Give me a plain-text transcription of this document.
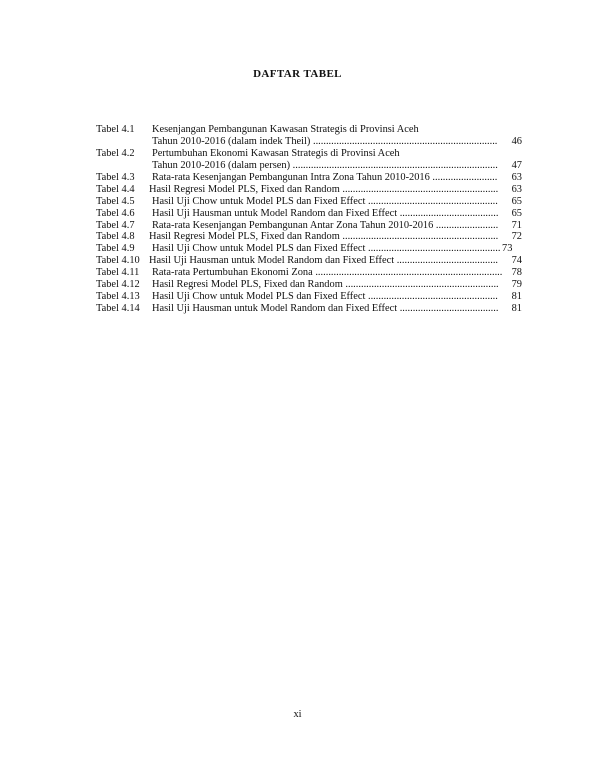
DAFTAR TABEL
Tabel 4.1 Kesenjangan Pembangunan Kawasan Strategis di Provinsi Aceh
Tahun 2010-2016 (dalam indek Theil) .....	46
Tabel 4.2 Pertumbuhan Ekonomi Kawasan Strategis di Provinsi Aceh
Tahun 2010-2016 (dalam persen) .....	47
Tabel 4.3 Rata-rata Kesenjangan Pembangunan Intra Zona Tahun 2010-2016 .....	63
Tabel 4.4 Hasil Regresi Model PLS, Fixed dan Random .....	63
Tabel 4.5 Hasil Uji Chow untuk Model PLS dan Fixed Effect .....	65
Tabel 4.6 Hasil Uji Hausman untuk Model Random dan Fixed Effect .....	65
Tabel 4.7 Rata-rata Kesenjangan Pembangunan Antar Zona Tahun 2010-2016 .....	71
Tabel 4.8 Hasil Regresi Model PLS, Fixed dan Random .....	72
Tabel 4.9 Hasil Uji Chow untuk Model PLS dan Fixed Effect .....	73
Tabel 4.10 Hasil Uji Hausman untuk Model Random dan Fixed Effect .....	74
Tabel 4.11 Rata-rata Pertumbuhan Ekonomi Zona .....	78
Tabel 4.12 Hasil Regresi Model PLS, Fixed dan Random .....	79
Tabel 4.13 Hasil Uji Chow untuk Model PLS dan Fixed Effect .....	81
Tabel 4.14 Hasil Uji Hausman untuk Model Random dan Fixed Effect .....	81
xi
